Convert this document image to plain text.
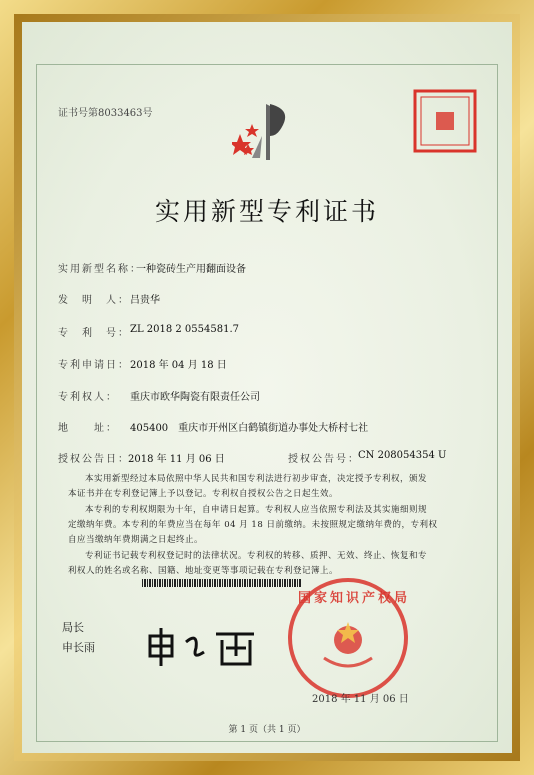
证书号第8033463号
实用新型专利证书
实用新型名称：
一种瓷砖生产用翻面设备
发　明　人： 吕贵华
专　利　号： ZL 2018 2 0554581.7
专利申请日： 2018 年 04 月 18 日
专利权人： 重庆市欧华陶瓷有限责任公司
地　　址： 405400　重庆市开州区白鹤镇街道办事处大桥村七社
授权公告日：
2018 年 11 月 06 日	授权公告号：
CN 208054354 U
本实用新型经过本局依照中华人民共和国专利法进行初步审查，决定授予专利权，颁发
本证书并在专利登记簿上予以登记。专利权自授权公告之日起生效。
本专利的专利权期限为十年，自申请日起算。专利权人应当依照专利法及其实施细则规
定缴纳年费。本专利的年费应当在每年 04 月 18 日前缴纳。未按照规定缴纳年费的，专利权
自应当缴纳年费期满之日起终止。
专利证书记载专利权登记时的法律状况。专利权的转移、质押、无效、终止、恢复和专
利权人的姓名或名称、国籍、地址变更等事项记载在专利登记簿上。
局长
申长雨
国家知识产权局
2018 年 11 月 06 日
第 1 页（共 1 页）
